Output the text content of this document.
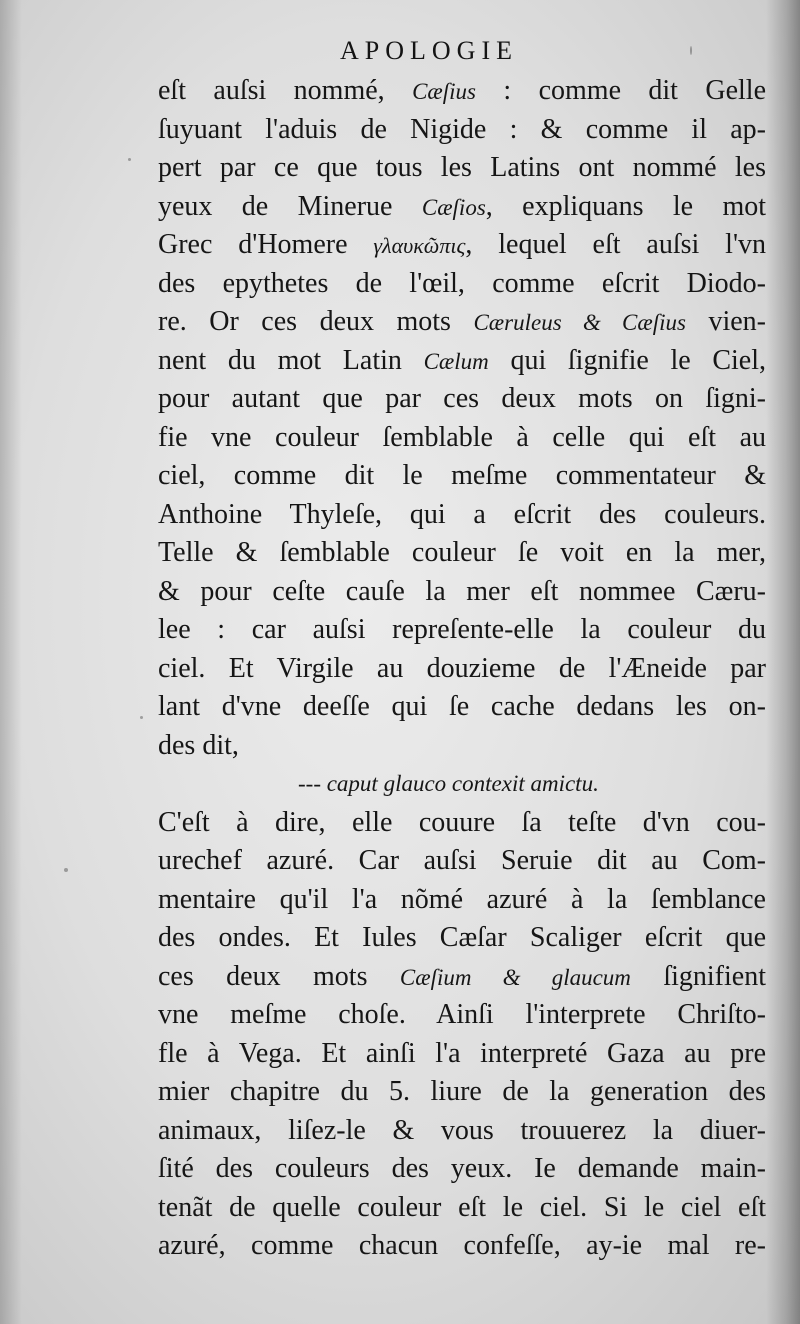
APOLOGIE
eſt auſsi nommé, Cæſius : comme dit Gelle
ſuyuant l'aduis de Nigide : & comme il ap-
pert par ce que tous les Latins ont nommé les
yeux de Minerue Cæſios, expliquans le mot
Grec d'Homere γλαυκῶπις, lequel eſt auſsi l'vn
des epythetes de l'œil, comme eſcrit Diodo-
re. Or ces deux mots Cæruleus & Cæſius vien-
nent du mot Latin Cælum qui ſignifie le Ciel,
pour autant que par ces deux mots on ſigni-
fie vne couleur ſemblable à celle qui eſt au
ciel, comme dit le meſme commentateur &
Anthoine Thyleſe, qui a eſcrit des couleurs.
Telle & ſemblable couleur ſe voit en la mer,
& pour ceſte cauſe la mer eſt nommee Cæru-
lee : car auſsi repreſente-elle la couleur du
ciel. Et Virgile au douzieme de l'Æneide par
lant d'vne deeſſe qui ſe cache dedans les on-
des dit,
--- caput glauco contexit amictu.
C'eſt à dire, elle couure ſa teſte d'vn cou-
urechef azuré. Car auſsi Seruie dit au Com-
mentaire qu'il l'a nõmé azuré à la ſemblance
des ondes. Et Iules Cæſar Scaliger eſcrit que
ces deux mots Cæſium & glaucum ſignifient
vne meſme choſe. Ainſi l'interprete Chriſto-
fle à Vega. Et ainſi l'a interpreté Gaza au pre
mier chapitre du 5. liure de la generation des
animaux, liſez-le & vous trouuerez la diuer-
ſité des couleurs des yeux. Ie demande main-
tenãt de quelle couleur eſt le ciel. Si le ciel eſt
azuré, comme chacun confeſſe, ay-ie mal re-
